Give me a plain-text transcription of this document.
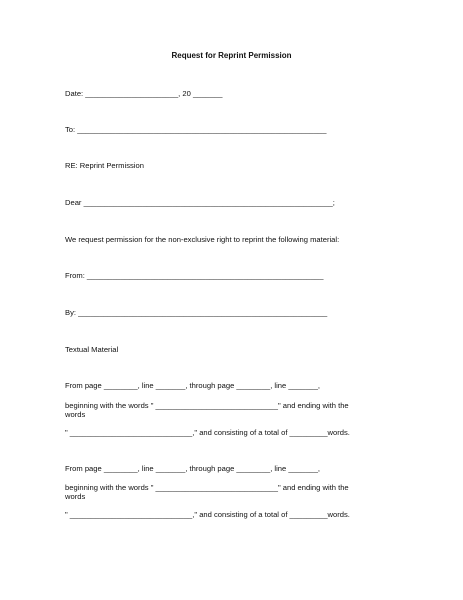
Request for Reprint Permission
Date: ______________________, 20 _______
To: ___________________________________________________________
RE: Reprint Permission
Dear ___________________________________________________________;
We request permission for the non-exclusive right to reprint the following material:
From: ________________________________________________________
By: ___________________________________________________________
Textual Material
From page ________, line _______, through page ________, line _______,
beginning with the words " _____________________________" and ending with the
words
" _____________________________," and consisting of a total of _________words.
From page ________, line _______, through page ________, line _______,
beginning with the words " _____________________________" and ending with the
words
" _____________________________," and consisting of a total of _________words.
